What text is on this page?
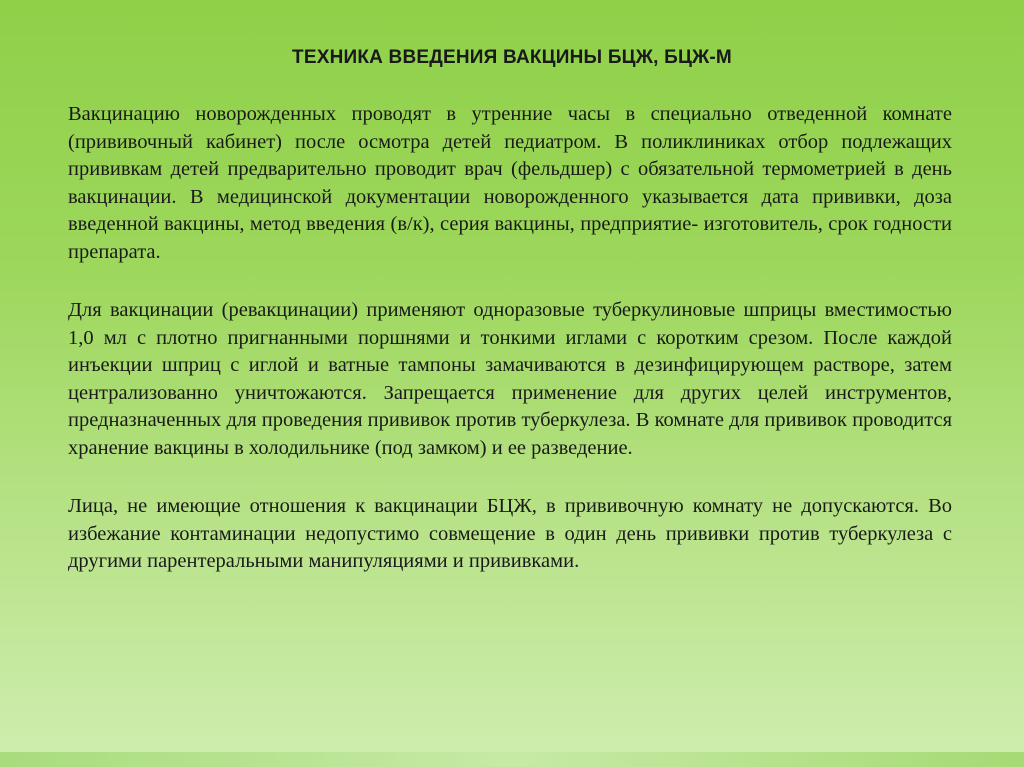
ТЕХНИКА ВВЕДЕНИЯ ВАКЦИНЫ БЦЖ, БЦЖ-М

Вакцинацию новорожденных проводят в утренние часы в специально отведенной комнате (прививочный кабинет) после осмотра детей педиатром. В поликлиниках отбор подлежащих прививкам детей предварительно проводит врач (фельдшер) с обязательной термометрией в день вакцинации. В медицинской документации новорожденного указывается дата прививки, доза введенной вакцины, метод введения (в/к), серия вакцины, предприятие- изготовитель, срок годности препарата.

Для вакцинации (ревакцинации) применяют одноразовые туберкулиновые шприцы вместимостью 1,0 мл с плотно пригнанными поршнями и тонкими иглами с коротким срезом. После каждой инъекции шприц с иглой и ватные тампоны замачиваются в дезинфицирующем растворе, затем централизованно уничтожаются. Запрещается применение для других целей инструментов, предназначенных для проведения прививок против туберкулеза. В комнате для прививок проводится хранение вакцины в холодильнике (под замком) и ее разведение.

Лица, не имеющие отношения к вакцинации БЦЖ, в прививочную комнату не допускаются. Во избежание контаминации недопустимо совмещение в один день прививки против туберкулеза с другими парентеральными манипуляциями и прививками.
